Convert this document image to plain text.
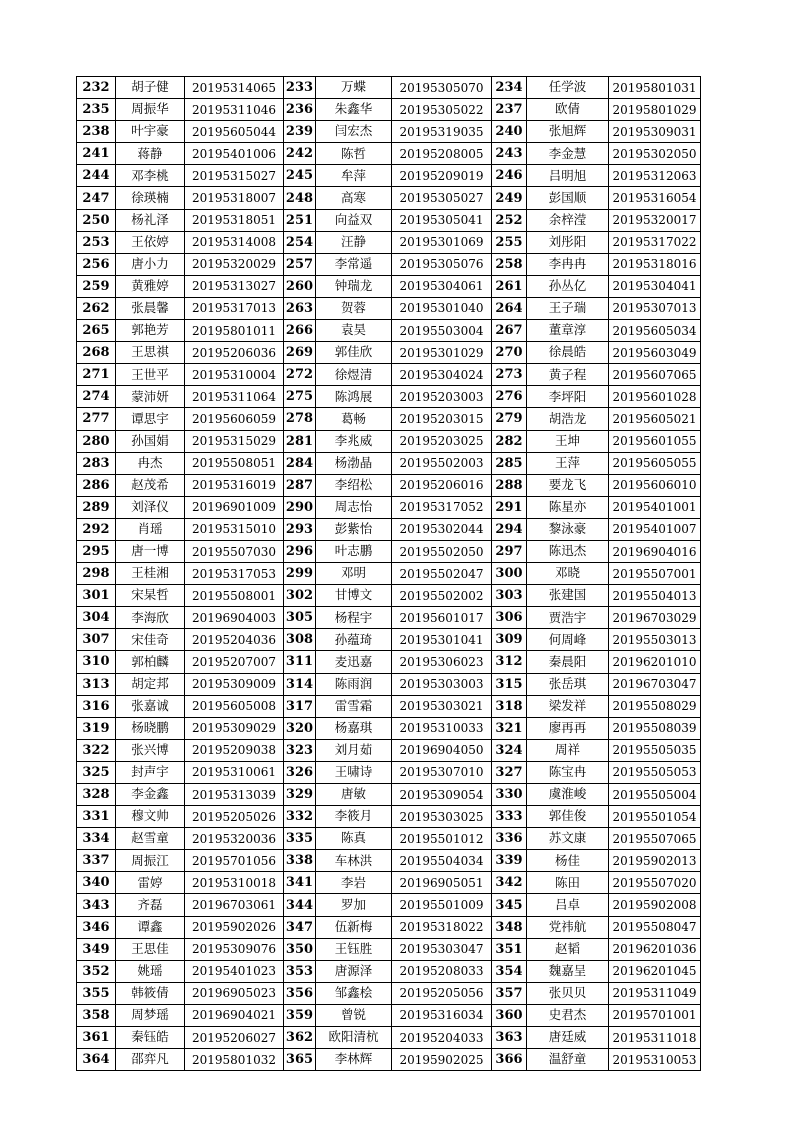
232	胡子健	20195314065	233	万蝶	20195305070	234	任学波	20195801031
235	周振华	20195311046	236	朱鑫华	20195305022	237	欧倩	20195801029
238	叶宇豪	20195605044	239	闫宏杰	20195319035	240	张旭辉	20195309031
241	蒋静	20195401006	242	陈哲	20195208005	243	李金慧	20195302050
244	邓李桃	20195315027	245	牟萍	20195209019	246	吕明旭	20195312063
247	徐瑛楠	20195318007	248	高寒	20195305027	249	彭国顺	20195316054
250	杨礼泽	20195318051	251	向益双	20195305041	252	余梓滢	20195320017
253	王依婷	20195314008	254	汪静	20195301069	255	刘彤阳	20195317022
256	唐小力	20195320029	257	李常遥	20195305076	258	李冉冉	20195318016
259	黄雅婷	20195313027	260	钟瑞龙	20195304061	261	孙丛亿	20195304041
262	张晨馨	20195317013	263	贺蓉	20195301040	264	王子瑞	20195307013
265	郭艳芳	20195801011	266	袁昊	20195503004	267	董章淳	20195605034
268	王思祺	20195206036	269	郭佳欣	20195301029	270	徐晨皓	20195603049
271	王世平	20195310004	272	徐煜清	20195304024	273	黄子程	20195607065
274	蒙沛妍	20195311064	275	陈鸿展	20195203003	276	李坪阳	20195601028
277	谭思宇	20195606059	278	葛畅	20195203015	279	胡浩龙	20195605021
280	孙国娟	20195315029	281	李兆威	20195203025	282	王坤	20195601055
283	冉杰	20195508051	284	杨渤晶	20195502003	285	王萍	20195605055
286	赵茂希	20195316019	287	李绍松	20195206016	288	要龙飞	20195606010
289	刘泽仪	20196901009	290	周志怡	20195317052	291	陈星亦	20195401001
292	肖瑶	20195315010	293	彭紫怡	20195302044	294	黎泳豪	20195401007
295	唐一博	20195507030	296	叶志鹏	20195502050	297	陈迅杰	20196904016
298	王桂湘	20195317053	299	邓明	20195502047	300	邓晓	20195507001
301	宋杲哲	20195508001	302	甘博文	20195502002	303	张建国	20195504013
304	李海欣	20196904003	305	杨程宇	20195601017	306	贾浩宇	20196703029
307	宋佳奇	20195204036	308	孙蕴琦	20195301041	309	何周峰	20195503013
310	郭柏麟	20195207007	311	麦迅嘉	20195306023	312	秦晨阳	20196201010
313	胡定邦	20195309009	314	陈雨润	20195303003	315	张岳琪	20196703047
316	张嘉诚	20195605008	317	雷雪霜	20195303021	318	梁发祥	20195508029
319	杨晓鹏	20195309029	320	杨嘉琪	20195310033	321	廖再再	20195508039
322	张兴博	20195209038	323	刘月茹	20196904050	324	周祥	20195505035
325	封声宇	20195310061	326	王啸诗	20195307010	327	陈宝冉	20195505053
328	李金鑫	20195313039	329	唐敏	20195309054	330	虞淮峻	20195505004
331	穆文帅	20195205026	332	李筱月	20195303025	333	郭佳俊	20195501054
334	赵雪童	20195320036	335	陈真	20195501012	336	苏文康	20195507065
337	周振江	20195701056	338	车林洪	20195504034	339	杨佳	20195902013
340	雷婷	20195310018	341	李岩	20196905051	342	陈田	20195507020
343	齐磊	20196703061	344	罗加	20195501009	345	吕卓	20195902008
346	谭鑫	20195902026	347	伍新梅	20195318022	348	党祎航	20195508047
349	王思佳	20195309076	350	王钰胜	20195303047	351	赵韬	20196201036
352	姚瑶	20195401023	353	唐源泽	20195208033	354	魏嘉呈	20196201045
355	韩筱倩	20196905023	356	邹鑫桧	20195205056	357	张贝贝	20195311049
358	周梦瑶	20196904021	359	曾锐	20195316034	360	史君杰	20195701001
361	秦钰皓	20195206027	362	欧阳清杭	20195204033	363	唐廷威	20195311018
364	邵弈凡	20195801032	365	李林辉	20195902025	366	温舒童	20195310053
